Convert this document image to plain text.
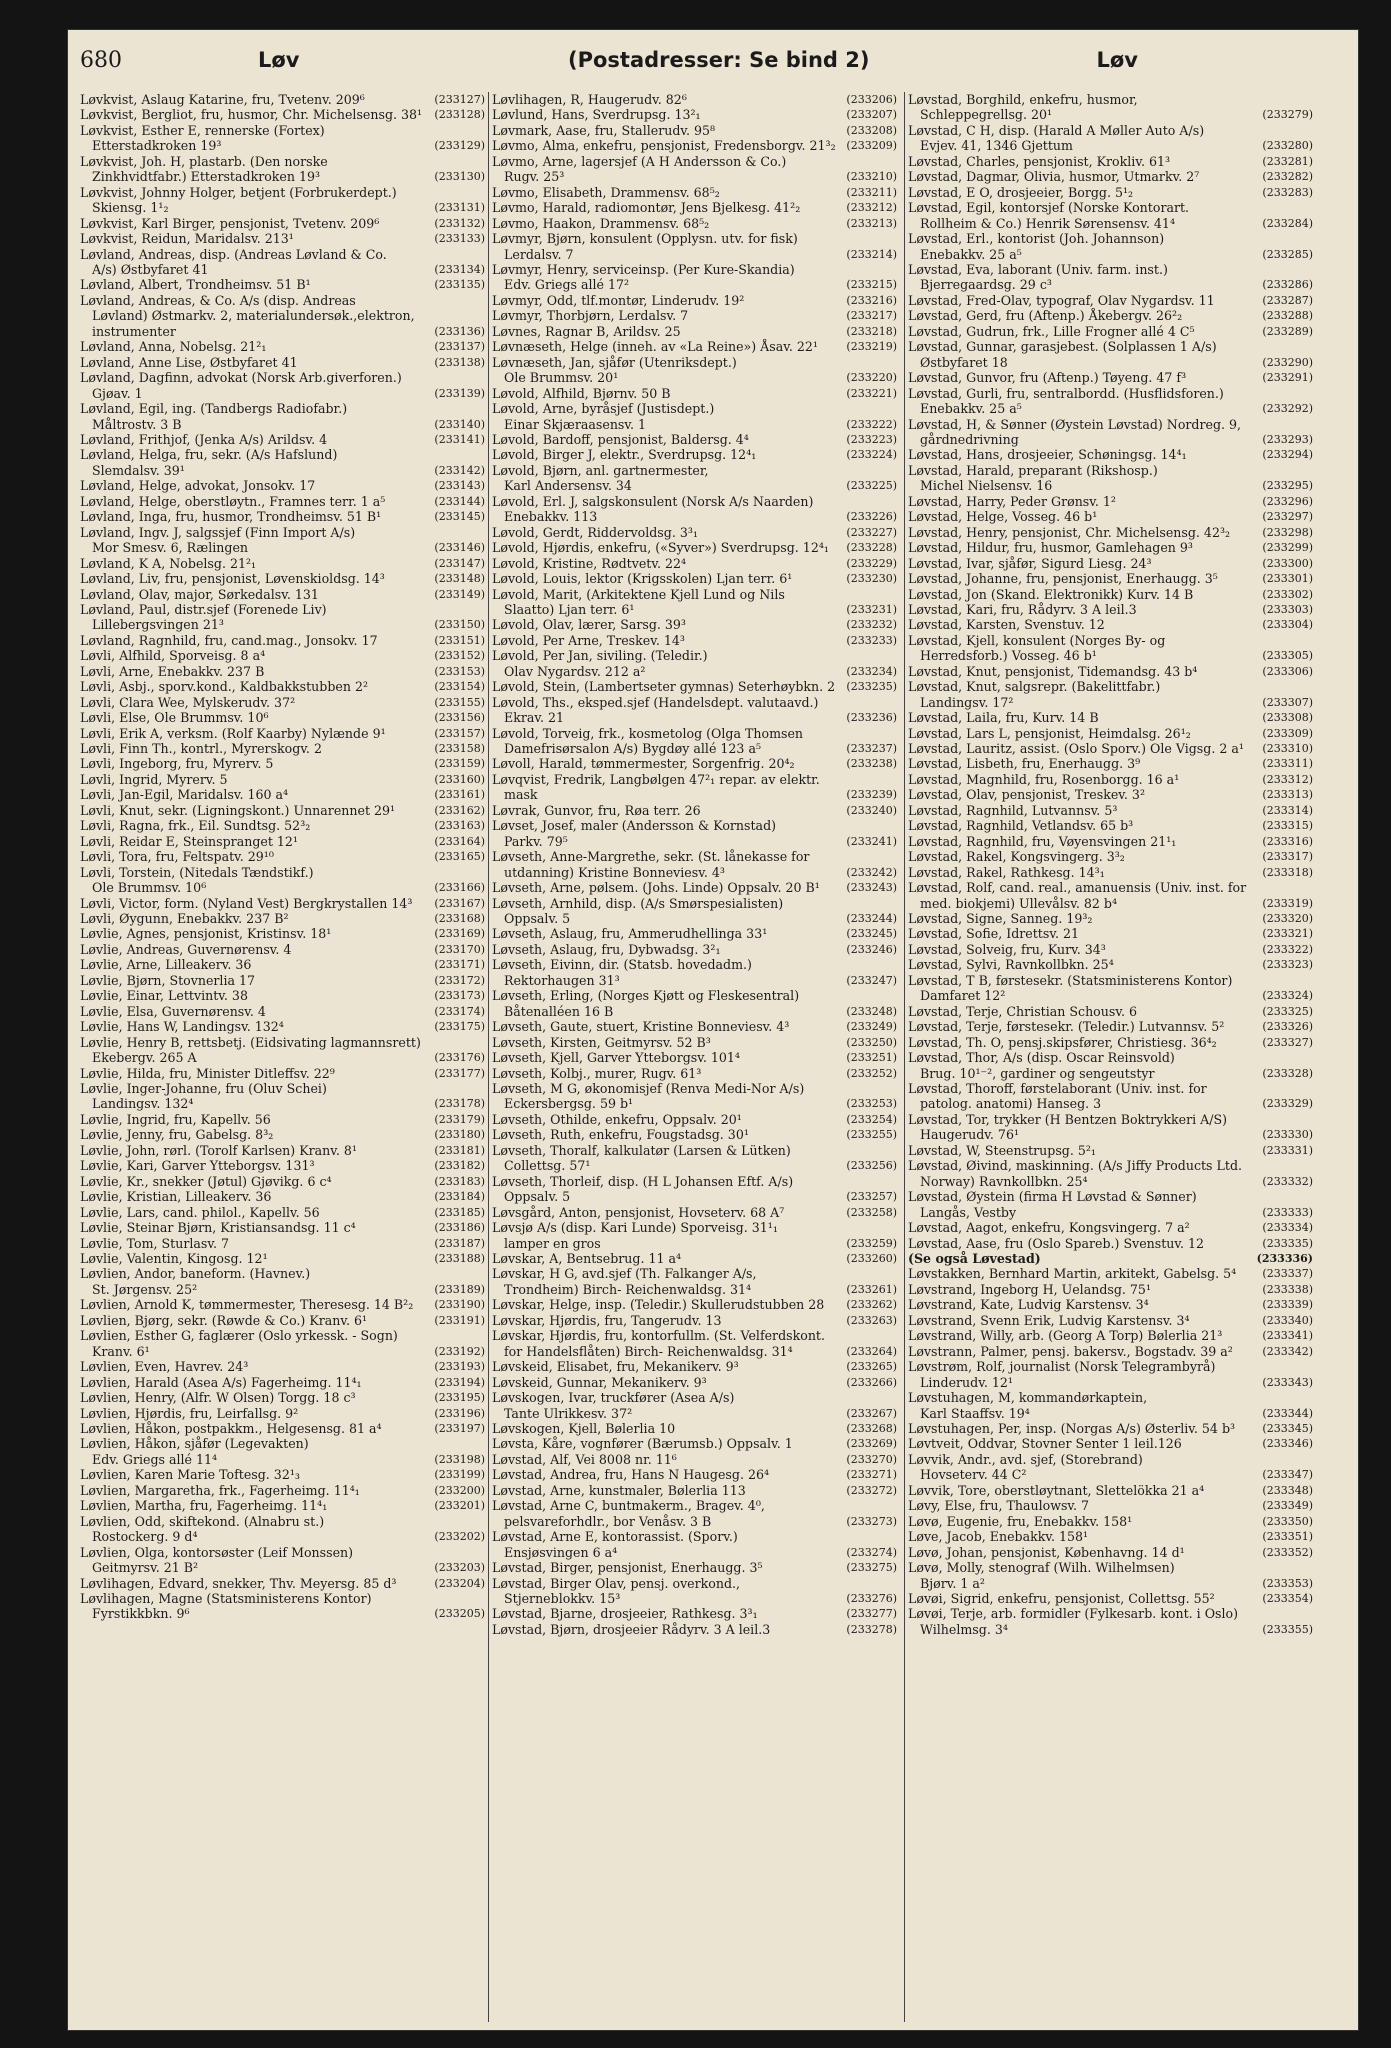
680	Løv	(Postadresser: Se bind 2)	Løv
Løvkvist, Aslaug Katarine, fru, Tvetenv. 209⁶	(233127)
Løvkvist, Bergliot, fru, husmor, Chr. Michelsensg. 38¹ (233128)
Løvkvist, Esther E, rennerske (Fortex)
Etterstadkroken 19³	(233129)
Løvkvist, Joh. H, plastarb. (Den norske
Zinkhvidtfabr.) Etterstadkroken 19³	(233130)
Løvkvist, Johnny Holger, betjent (Forbrukerdept.)
Skiensg. 1¹₂	(233131)
Løvkvist, Karl Birger, pensjonist, Tvetenv. 209⁶	(233132)
Løvkvist, Reidun, Maridalsv. 213¹	(233133)
Løvland, Andreas, disp. (Andreas Løvland & Co.
A/s) Østbyfaret 41	(233134)
Løvland, Albert, Trondheimsv. 51 B¹	(233135)
Løvland, Andreas, & Co. A/s (disp. Andreas
Løvland) Østmarkv. 2, materialundersøk.,elektron,
instrumenter	(233136)
Løvland, Anna, Nobelsg. 21²₁	(233137)
Løvland, Anne Lise, Østbyfaret 41	(233138)
Løvland, Dagfinn, advokat (Norsk Arb.giverforen.)
Gjøav. 1	(233139)
Løvland, Egil, ing. (Tandbergs Radiofabr.)
Måltrostv. 3 B	(233140)
Løvland, Frithjof, (Jenka A/s) Arildsv. 4	(233141)
Løvland, Helga, fru, sekr. (A/s Hafslund)
Slemdalsv. 39¹	(233142)
Løvland, Helge, advokat, Jonsokv. 17	(233143)
Løvland, Helge, oberstløytn., Framnes terr. 1 a⁵	(233144)
Løvland, Inga, fru, husmor, Trondheimsv. 51 B¹	(233145)
Løvland, Ingv. J, salgssjef (Finn Import A/s)
Mor Smesv. 6, Rælingen	(233146)
Løvland, K A, Nobelsg. 21²₁	(233147)
Løvland, Liv, fru, pensjonist, Løvenskioldsg. 14³	(233148)
Løvland, Olav, major, Sørkedalsv. 131	(233149)
Løvland, Paul, distr.sjef (Forenede Liv)
Lillebergsvingen 21³	(233150)
Løvland, Ragnhild, fru, cand.mag., Jonsokv. 17	(233151)
Løvli, Alfhild, Sporveisg. 8 a⁴	(233152)
Løvli, Arne, Enebakkv. 237 B	(233153)
Løvli, Asbj., sporv.kond., Kaldbakkstubben 2²	(233154)
Løvli, Clara Wee, Mylskerudv. 37²	(233155)
Løvli, Else, Ole Brummsv. 10⁶	(233156)
Løvli, Erik A, verksm. (Rolf Kaarby) Nylænde 9¹	(233157)
Løvli, Finn Th., kontrl., Myrerskogv. 2	(233158)
Løvli, Ingeborg, fru, Myrerv. 5	(233159)
Løvli, Ingrid, Myrerv. 5	(233160)
Løvli, Jan-Egil, Maridalsv. 160 a⁴	(233161)
Løvli, Knut, sekr. (Ligningskont.) Unnarennet 29¹	(233162)
Løvli, Ragna, frk., Eil. Sundtsg. 52³₂	(233163)
Løvli, Reidar E, Steinspranget 12¹	(233164)
Løvli, Tora, fru, Feltspatv. 29¹⁰	(233165)
Løvli, Torstein, (Nitedals Tændstikf.)
Ole Brummsv. 10⁶	(233166)
Løvli, Victor, form. (Nyland Vest) Bergkrystallen 14³ (233167)
Løvli, Øygunn, Enebakkv. 237 B²	(233168)
Løvlie, Agnes, pensjonist, Kristinsv. 18¹	(233169)
Løvlie, Andreas, Guvernørensv. 4	(233170)
Løvlie, Arne, Lilleakerv. 36	(233171)
Løvlie, Bjørn, Stovnerlia 17	(233172)
Løvlie, Einar, Lettvintv. 38	(233173)
Løvlie, Elsa, Guvernørensv. 4	(233174)
Løvlie, Hans W, Landingsv. 132⁴	(233175)
Løvlie, Henry B, rettsbetj. (Eidsivating lagmannsrett)
Ekebergv. 265 A	(233176)
Løvlie, Hilda, fru, Minister Ditleffsv. 22⁹	(233177)
Løvlie, Inger-Johanne, fru (Oluv Schei)
Landingsv. 132⁴	(233178)
Løvlie, Ingrid, fru, Kapellv. 56	(233179)
Løvlie, Jenny, fru, Gabelsg. 8³₂	(233180)
Løvlie, John, rørl. (Torolf Karlsen) Kranv. 8¹	(233181)
Løvlie, Kari, Garver Ytteborgsv. 131³	(233182)
Løvlie, Kr., snekker (Jøtul) Gjøvikg. 6 c⁴	(233183)
Løvlie, Kristian, Lilleakerv. 36	(233184)
Løvlie, Lars, cand. philol., Kapellv. 56	(233185)
Løvlie, Steinar Bjørn, Kristiansandsg. 11 c⁴	(233186)
Løvlie, Tom, Sturlasv. 7	(233187)
Løvlie, Valentin, Kingosg. 12¹	(233188)
Løvlien, Andor, baneform. (Havnev.)
St. Jørgensv. 25²	(233189)
Løvlien, Arnold K, tømmermester, Theresesg. 14 B²₂ (233190)
Løvlien, Bjørg, sekr. (Røwde & Co.) Kranv. 6¹	(233191)
Løvlien, Esther G, faglærer (Oslo yrkessk. - Sogn)
Kranv. 6¹	(233192)
Løvlien, Even, Havrev. 24³	(233193)
Løvlien, Harald (Asea A/s) Fagerheimg. 11⁴₁	(233194)
Løvlien, Henry, (Alfr. W Olsen) Torgg. 18 c³	(233195)
Løvlien, Hjørdis, fru, Leirfallsg. 9²	(233196)
Løvlien, Håkon, postpakkm., Helgesensg. 81 a⁴	(233197)
Løvlien, Håkon, sjåfør (Legevakten)
Edv. Griegs allé 11⁴	(233198)
Løvlien, Karen Marie Toftesg. 32¹₃	(233199)
Løvlien, Margaretha, frk., Fagerheimg. 11⁴₁	(233200)
Løvlien, Martha, fru, Fagerheimg. 11⁴₁	(233201)
Løvlien, Odd, skiftekond. (Alnabru st.)
Rostockerg. 9 d⁴	(233202)
Løvlien, Olga, kontorsøster (Leif Monssen)
Geitmyrsv. 21 B²	(233203)
Løvlihagen, Edvard, snekker, Thv. Meyersg. 85 d³	(233204)
Løvlihagen, Magne (Statsministerens Kontor)
Fyrstikkbkn. 9⁶	(233205)
Løvlihagen, R, Haugerudv. 82⁶	(233206)
Løvlund, Hans, Sverdrupsg. 13²₁	(233207)
Løvmark, Aase, fru, Stallerudv. 95⁸	(233208)
Løvmo, Alma, enkefru, pensjonist, Fredensborgv. 21³₂ (233209)
Løvmo, Arne, lagersjef (A H Andersson & Co.)
Rugv. 25³	(233210)
Løvmo, Elisabeth, Drammensv. 68⁵₂	(233211)
Løvmo, Harald, radiomontør, Jens Bjelkesg. 41²₂	(233212)
Løvmo, Haakon, Drammensv. 68⁵₂	(233213)
Løvmyr, Bjørn, konsulent (Opplysn. utv. for fisk)
Lerdalsv. 7	(233214)
Løvmyr, Henry, serviceinsp. (Per Kure-Skandia)
Edv. Griegs allé 17²	(233215)
Løvmyr, Odd, tlf.montør, Linderudv. 19²	(233216)
Løvmyr, Thorbjørn, Lerdalsv. 7	(233217)
Løvnes, Ragnar B, Arildsv. 25	(233218)
Løvnæseth, Helge (inneh. av «La Reine») Åsav. 22¹	(233219)
Løvnæseth, Jan, sjåfør (Utenriksdept.)
Ole Brummsv. 20¹	(233220)
Løvold, Alfhild, Bjørnv. 50 B	(233221)
Løvold, Arne, byråsjef (Justisdept.)
Einar Skjæraasensv. 1	(233222)
Løvold, Bardoff, pensjonist, Baldersg. 4⁴	(233223)
Løvold, Birger J, elektr., Sverdrupsg. 12⁴₁	(233224)
Løvold, Bjørn, anl. gartnermester,
Karl Andersensv. 34	(233225)
Løvold, Erl. J, salgskonsulent (Norsk A/s Naarden)
Enebakkv. 113	(233226)
Løvold, Gerdt, Riddervoldsg. 3³₁	(233227)
Løvold, Hjørdis, enkefru, («Syver») Sverdrupsg. 12⁴₁ (233228)
Løvold, Kristine, Rødtvetv. 22⁴	(233229)
Løvold, Louis, lektor (Krigsskolen) Ljan terr. 6¹	(233230)
Løvold, Marit, (Arkitektene Kjell Lund og Nils
Slaatto) Ljan terr. 6¹	(233231)
Løvold, Olav, lærer, Sarsg. 39³	(233232)
Løvold, Per Arne, Treskev. 14³	(233233)
Løvold, Per Jan, siviling. (Teledir.)
Olav Nygardsv. 212 a²	(233234)
Løvold, Stein, (Lambertseter gymnas) Seterhøybkn. 2 (233235)
Løvold, Ths., eksped.sjef (Handelsdept. valutaavd.)
Ekrav. 21	(233236)
Løvold, Torveig, frk., kosmetolog (Olga Thomsen
Damefrisørsalon A/s) Bygdøy allé 123 a⁵	(233237)
Løvoll, Harald, tømmermester, Sorgenfrig. 20⁴₂	(233238)
Løvqvist, Fredrik, Langbølgen 47²₁ repar. av elektr.
mask	(233239)
Løvrak, Gunvor, fru, Røa terr. 26	(233240)
Løvset, Josef, maler (Andersson & Kornstad)
Parkv. 79⁵	(233241)
Løvseth, Anne-Margrethe, sekr. (St. lånekasse for
utdanning) Kristine Bonneviesv. 4³	(233242)
Løvseth, Arne, pølsem. (Johs. Linde) Oppsalv. 20 B¹ (233243)
Løvseth, Arnhild, disp. (A/s Smørspesialisten)
Oppsalv. 5	(233244)
Løvseth, Aslaug, fru, Ammerudhellinga 33¹	(233245)
Løvseth, Aslaug, fru, Dybwadsg. 3²₁	(233246)
Løvseth, Eivinn, dir. (Statsb. hovedadm.)
Rektorhaugen 31³	(233247)
Løvseth, Erling, (Norges Kjøtt og Fleskesentral)
Båtenalléen 16 B	(233248)
Løvseth, Gaute, stuert, Kristine Bonneviesv. 4³	(233249)
Løvseth, Kirsten, Geitmyrsv. 52 B³	(233250)
Løvseth, Kjell, Garver Ytteborgsv. 101⁴	(233251)
Løvseth, Kolbj., murer, Rugv. 61³	(233252)
Løvseth, M G, økonomisjef (Renva Medi-Nor A/s)
Eckersbergsg. 59 b¹	(233253)
Løvseth, Othilde, enkefru, Oppsalv. 20¹	(233254)
Løvseth, Ruth, enkefru, Fougstadsg. 30¹	(233255)
Løvseth, Thoralf, kalkulatør (Larsen & Lütken)
Collettsg. 57¹	(233256)
Løvseth, Thorleif, disp. (H L Johansen Eftf. A/s)
Oppsalv. 5	(233257)
Løvsgård, Anton, pensjonist, Hovseterv. 68 A⁷	(233258)
Løvsjø A/s (disp. Kari Lunde) Sporveisg. 31¹₁
lamper en gros	(233259)
Løvskar, A, Bentsebrug. 11 a⁴	(233260)
Løvskar, H G, avd.sjef (Th. Falkanger A/s,
Trondheim) Birch- Reichenwaldsg. 31⁴	(233261)
Løvskar, Helge, insp. (Teledir.) Skullerudstubben 28 (233262)
Løvskar, Hjørdis, fru, Tangerudv. 13	(233263)
Løvskar, Hjørdis, fru, kontorfullm. (St. Velferdskont.
for Handelsflåten) Birch- Reichenwaldsg. 31⁴	(233264)
Løvskeid, Elisabet, fru, Mekanikerv. 9³	(233265)
Løvskeid, Gunnar, Mekanikerv. 9³	(233266)
Løvskogen, Ivar, truckfører (Asea A/s)
Tante Ulrikkesv. 37²	(233267)
Løvskogen, Kjell, Bølerlia 10	(233268)
Løvsta, Kåre, vognfører (Bærumsb.) Oppsalv. 1	(233269)
Løvstad, Alf, Vei 8008 nr. 11⁶	(233270)
Løvstad, Andrea, fru, Hans N Haugesg. 26⁴	(233271)
Løvstad, Arne, kunstmaler, Bølerlia 113	(233272)
Løvstad, Arne C, buntmakerm., Bragev. 4⁰,
pelsvareforhdlr., bor Venåsv. 3 B	(233273)
Løvstad, Arne E, kontorassist. (Sporv.)
Ensjøsvingen 6 a⁴	(233274)
Løvstad, Birger, pensjonist, Enerhaugg. 3⁵	(233275)
Løvstad, Birger Olav, pensj. overkond.,
Stjerneblokkv. 15³	(233276)
Løvstad, Bjarne, drosjeeier, Rathkesg. 3³₁	(233277)
Løvstad, Bjørn, drosjeeier Rådyrv. 3 A leil.3	(233278)
Løvstad, Borghild, enkefru, husmor,
Schleppegrellsg. 20¹	(233279)
Løvstad, C H, disp. (Harald A Møller Auto A/s)
Evjev. 41, 1346 Gjettum	(233280)
Løvstad, Charles, pensjonist, Krokliv. 61³	(233281)
Løvstad, Dagmar, Olivia, husmor, Utmarkv. 2⁷	(233282)
Løvstad, E O, drosjeeier, Borgg. 5¹₂	(233283)
Løvstad, Egil, kontorsjef (Norske Kontorart.
Rollheim & Co.) Henrik Sørensensv. 41⁴	(233284)
Løvstad, Erl., kontorist (Joh. Johannson)
Enebakkv. 25 a⁵	(233285)
Løvstad, Eva, laborant (Univ. farm. inst.)
Bjerregaardsg. 29 c³	(233286)
Løvstad, Fred-Olav, typograf, Olav Nygardsv. 11	(233287)
Løvstad, Gerd, fru (Aftenp.) Åkebergv. 26²₂	(233288)
Løvstad, Gudrun, frk., Lille Frogner allé 4 C⁵	(233289)
Løvstad, Gunnar, garasjebest. (Solplassen 1 A/s)
Østbyfaret 18	(233290)
Løvstad, Gunvor, fru (Aftenp.) Tøyeng. 47 f³	(233291)
Løvstad, Gurli, fru, sentralbordd. (Husflidsforen.)
Enebakkv. 25 a⁵	(233292)
Løvstad, H, & Sønner (Øystein Løvstad) Nordreg. 9,
gårdnedrivning	(233293)
Løvstad, Hans, drosjeeier, Schøningsg. 14⁴₁	(233294)
Løvstad, Harald, preparant (Rikshosp.)
Michel Nielsensv. 16	(233295)
Løvstad, Harry, Peder Grønsv. 1²	(233296)
Løvstad, Helge, Vosseg. 46 b¹	(233297)
Løvstad, Henry, pensjonist, Chr. Michelsensg. 42³₂	(233298)
Løvstad, Hildur, fru, husmor, Gamlehagen 9³	(233299)
Løvstad, Ivar, sjåfør, Sigurd Liesg. 24³	(233300)
Løvstad, Johanne, fru, pensjonist, Enerhaugg. 3⁵	(233301)
Løvstad, Jon (Skand. Elektronikk) Kurv. 14 B	(233302)
Løvstad, Kari, fru, Rådyrv. 3 A leil.3	(233303)
Løvstad, Karsten, Svenstuv. 12	(233304)
Løvstad, Kjell, konsulent (Norges By- og
Herredsforb.) Vosseg. 46 b¹	(233305)
Løvstad, Knut, pensjonist, Tidemandsg. 43 b⁴	(233306)
Løvstad, Knut, salgsrepr. (Bakelittfabr.)
Landingsv. 17²	(233307)
Løvstad, Laila, fru, Kurv. 14 B	(233308)
Løvstad, Lars L, pensjonist, Heimdalsg. 26¹₂	(233309)
Løvstad, Lauritz, assist. (Oslo Sporv.) Ole Vigsg. 2 a¹ (233310)
Løvstad, Lisbeth, fru, Enerhaugg. 3⁹	(233311)
Løvstad, Magnhild, fru, Rosenborgg. 16 a¹	(233312)
Løvstad, Olav, pensjonist, Treskev. 3²	(233313)
Løvstad, Ragnhild, Lutvannsv. 5³	(233314)
Løvstad, Ragnhild, Vetlandsv. 65 b³	(233315)
Løvstad, Ragnhild, fru, Vøyensvingen 21¹₁	(233316)
Løvstad, Rakel, Kongsvingerg. 3³₂	(233317)
Løvstad, Rakel, Rathkesg. 14³₁	(233318)
Løvstad, Rolf, cand. real., amanuensis (Univ. inst. for
med. biokjemi) Ullevålsv. 82 b⁴	(233319)
Løvstad, Signe, Sanneg. 19³₂	(233320)
Løvstad, Sofie, Idrettsv. 21	(233321)
Løvstad, Solveig, fru, Kurv. 34³	(233322)
Løvstad, Sylvi, Ravnkollbkn. 25⁴	(233323)
Løvstad, T B, førstesekr. (Statsministerens Kontor)
Damfaret 12²	(233324)
Løvstad, Terje, Christian Schousv. 6	(233325)
Løvstad, Terje, førstesekr. (Teledir.) Lutvannsv. 5²	(233326)
Løvstad, Th. O, pensj.skipsfører, Christiesg. 36⁴₂	(233327)
Løvstad, Thor, A/s (disp. Oscar Reinsvold)
Brug. 10¹⁻², gardiner og sengeutstyr	(233328)
Løvstad, Thoroff, førstelaborant (Univ. inst. for
patolog. anatomi) Hanseg. 3	(233329)
Løvstad, Tor, trykker (H Bentzen Boktrykkeri A/S)
Haugerudv. 76¹	(233330)
Løvstad, W, Steenstrupsg. 5²₁	(233331)
Løvstad, Øivind, maskinning. (A/s Jiffy Products Ltd.
Norway) Ravnkollbkn. 25⁴	(233332)
Løvstad, Øystein (firma H Løvstad & Sønner)
Langås, Vestby	(233333)
Løvstad, Aagot, enkefru, Kongsvingerg. 7 a²	(233334)
Løvstad, Aase, fru (Oslo Spareb.) Svenstuv. 12	(233335)
(Se også Løvestad)	(233336)
Løvstakken, Bernhard Martin, arkitekt, Gabelsg. 5⁴ (233337)
Løvstrand, Ingeborg H, Uelandsg. 75¹	(233338)
Løvstrand, Kate, Ludvig Karstensv. 3⁴	(233339)
Løvstrand, Svenn Erik, Ludvig Karstensv. 3⁴	(233340)
Løvstrand, Willy, arb. (Georg A Torp) Bølerlia 21³	(233341)
Løvstrann, Palmer, pensj. bakersv., Bogstadv. 39 a²	(233342)
Løvstrøm, Rolf, journalist (Norsk Telegrambyrå)
Linderudv. 12¹	(233343)
Løvstuhagen, M, kommandørkaptein,
Karl Staaffsv. 19⁴	(233344)
Løvstuhagen, Per, insp. (Norgas A/s) Østerliv. 54 b³ (233345)
Løvtveit, Oddvar, Stovner Senter 1 leil.126	(233346)
Løvvik, Andr., avd. sjef, (Storebrand)
Hovseterv. 44 C²	(233347)
Løvvik, Tore, oberstløytnant, Slettelökka 21 a⁴	(233348)
Løvy, Else, fru, Thaulowsv. 7	(233349)
Løvø, Eugenie, fru, Enebakkv. 158¹	(233350)
Løve, Jacob, Enebakkv. 158¹	(233351)
Løvø, Johan, pensjonist, Københavng. 14 d¹	(233352)
Løvø, Molly, stenograf (Wilh. Wilhelmsen)
Bjørv. 1 a²	(233353)
Løvøi, Sigrid, enkefru, pensjonist, Collettsg. 55²	(233354)
Løvøi, Terje, arb. formidler (Fylkesarb. kont. i Oslo)
Wilhelmsg. 3⁴	(233355)
